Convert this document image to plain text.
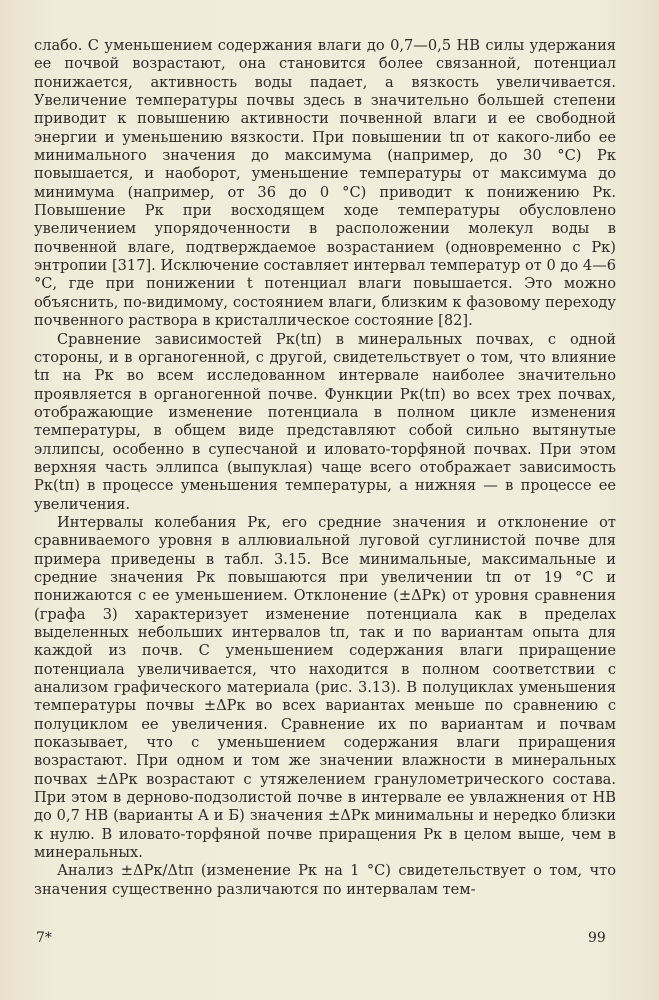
слабо. С уменьшением содержания влаги до 0,7—0,5 НВ силы удержания ее почвой возрастают, она становится более связанной, потенциал понижается, активность воды падает, а вязкость увеличивается. Увеличение температуры почвы здесь в значительно большей степени приводит к повышению активности почвенной влаги и ее свободной энергии и уменьшению вязкости. При повышении tп от какого-либо ее минимального значения до максимума (например, до 30 °С) Pк повышается, и наоборот, уменьшение температуры от максимума до минимума (например, от 36 до 0 °С) приводит к понижению Pк. Повышение Pк при восходящем ходе температуры обусловлено увеличением упорядоченности в расположении молекул воды в почвенной влаге, подтверждаемое возрастанием (одновременно с Pк) энтропии [317]. Исключение составляет интервал температур от 0 до 4—6 °С, где при понижении t потенциал влаги повышается. Это можно объяснить, по-видимому, состоянием влаги, близким к фазовому переходу почвенного раствора в кристаллическое состояние [82].

Сравнение зависимостей Pк(tп) в минеральных почвах, с одной стороны, и в органогенной, с другой, свидетельствует о том, что влияние tп на Pк во всем исследованном интервале наиболее значительно проявляется в органогенной почве. Функции Pк(tп) во всех трех почвах, отображающие изменение потенциала в полном цикле изменения температуры, в общем виде представляют собой сильно вытянутые эллипсы, особенно в супесчаной и иловато-торфяной почвах. При этом верхняя часть эллипса (выпуклая) чаще всего отображает зависимость Pк(tп) в процессе уменьшения температуры, а нижняя — в процессе ее увеличения.

Интервалы колебания Pк, его средние значения и отклонение от сравниваемого уровня в аллювиальной луговой суглинистой почве для примера приведены в табл. 3.15. Все минимальные, максимальные и средние значения Pк повышаются при увеличении tп от 19 °С и понижаются с ее уменьшением. Отклонение (±ΔPк) от уровня сравнения (графа 3) характеризует изменение потенциала как в пределах выделенных небольших интервалов tп, так и по вариантам опыта для каждой из почв. С уменьшением содержания влаги приращение потенциала увеличивается, что находится в полном соответствии с анализом графического материала (рис. 3.13). В полуциклах уменьшения температуры почвы ±ΔPк во всех вариантах меньше по сравнению с полуциклом ее увеличения. Сравнение их по вариантам и почвам показывает, что с уменьшением содержания влаги приращения возрастают. При одном и том же значении влажности в минеральных почвах ±ΔPк возрастают с утяжелением гранулометрического состава. При этом в дерново-подзолистой почве в интервале ее увлажнения от НВ до 0,7 НВ (варианты А и Б) значения ±ΔPк минимальны и нередко близки к нулю. В иловато-торфяной почве приращения Pк в целом выше, чем в минеральных.

Анализ ±ΔPк/Δtп (изменение Pк на 1 °С) свидетельствует о том, что значения существенно различаются по интервалам тем-

7*	99
